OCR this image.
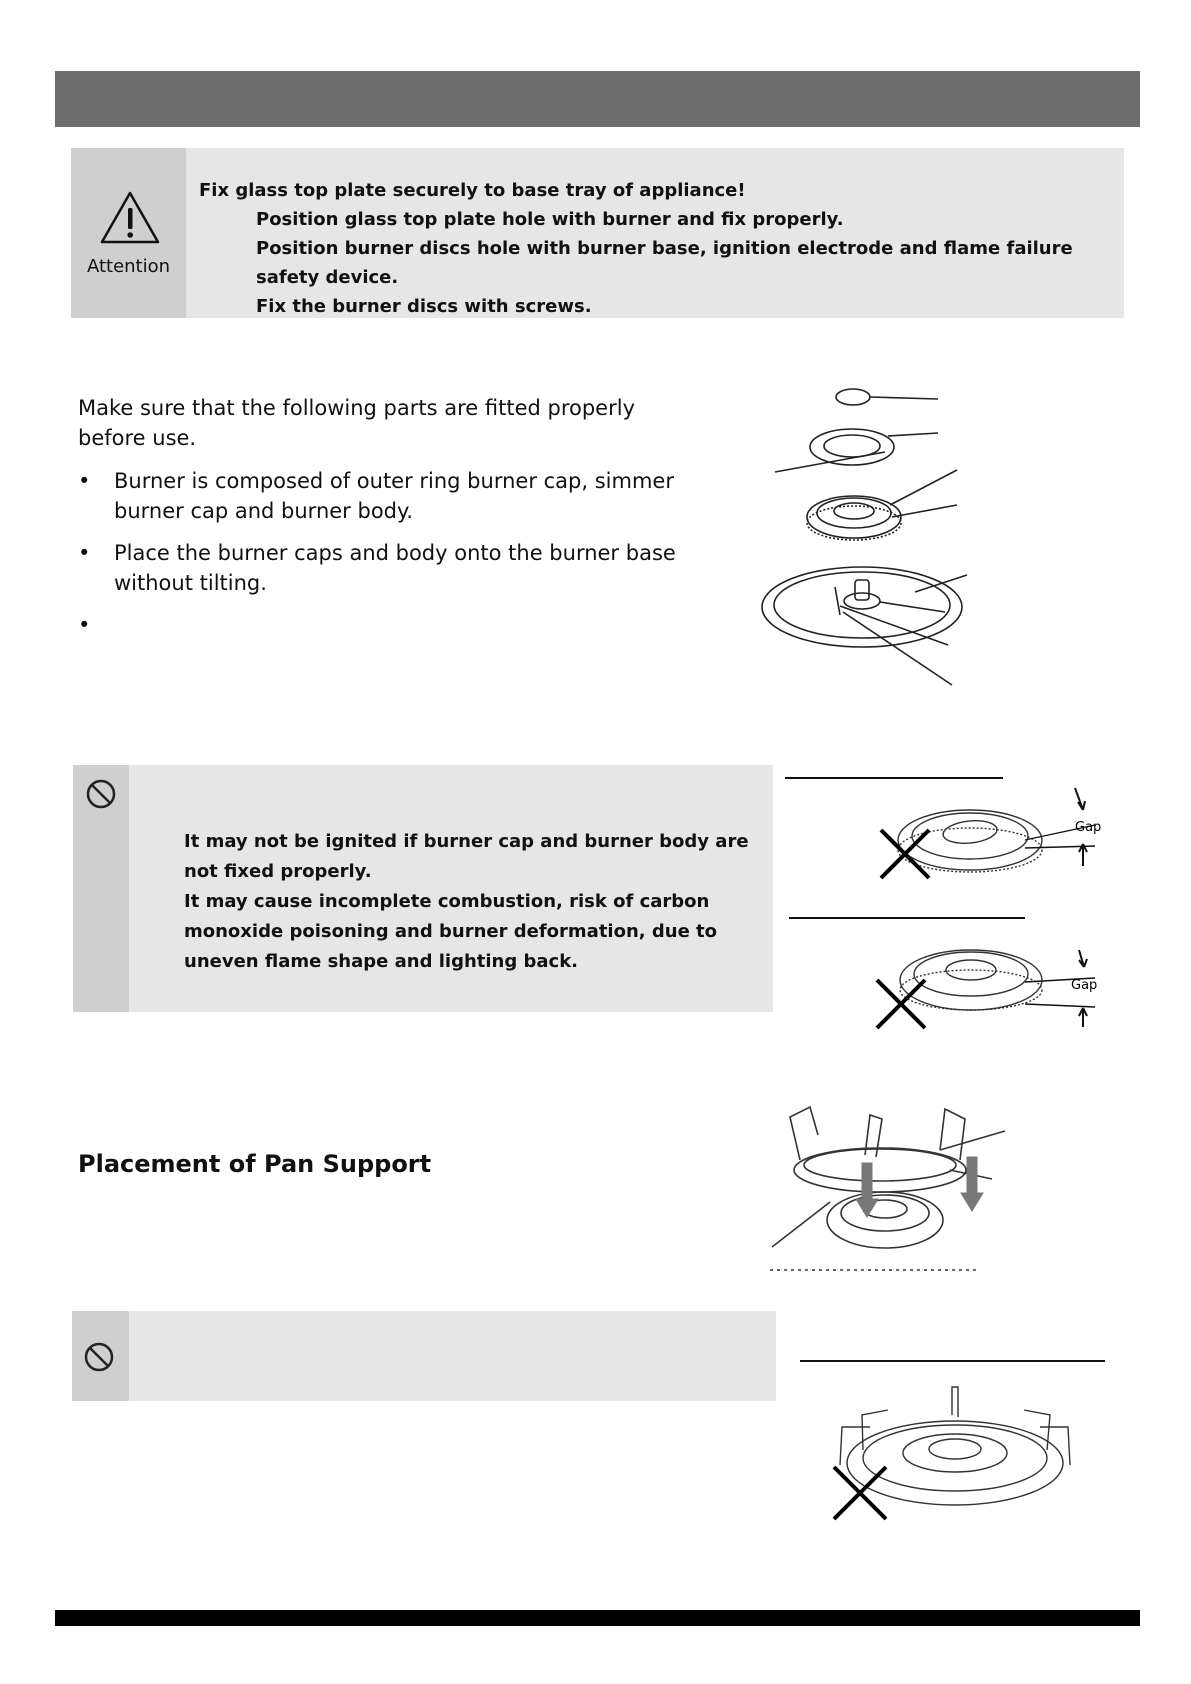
Attention
Fix glass top plate securely to base tray of appliance!
Position glass top plate hole with burner and fix properly.
Position burner discs hole with burner base, ignition electrode and flame failure safety device.
Fix the burner discs with screws.
Make sure that the following parts are fitted properly before use.
• Burner is composed of outer ring burner cap, simmer burner cap and burner body.
• Place the burner caps and body onto the burner base without tilting.
•
It may not be ignited if burner cap and burner body are not fixed properly.
It may cause incomplete combustion, risk of carbon monoxide poisoning and burner deformation, due to uneven flame shape and lighting back.
Gap
Gap
Placement of Pan Support
